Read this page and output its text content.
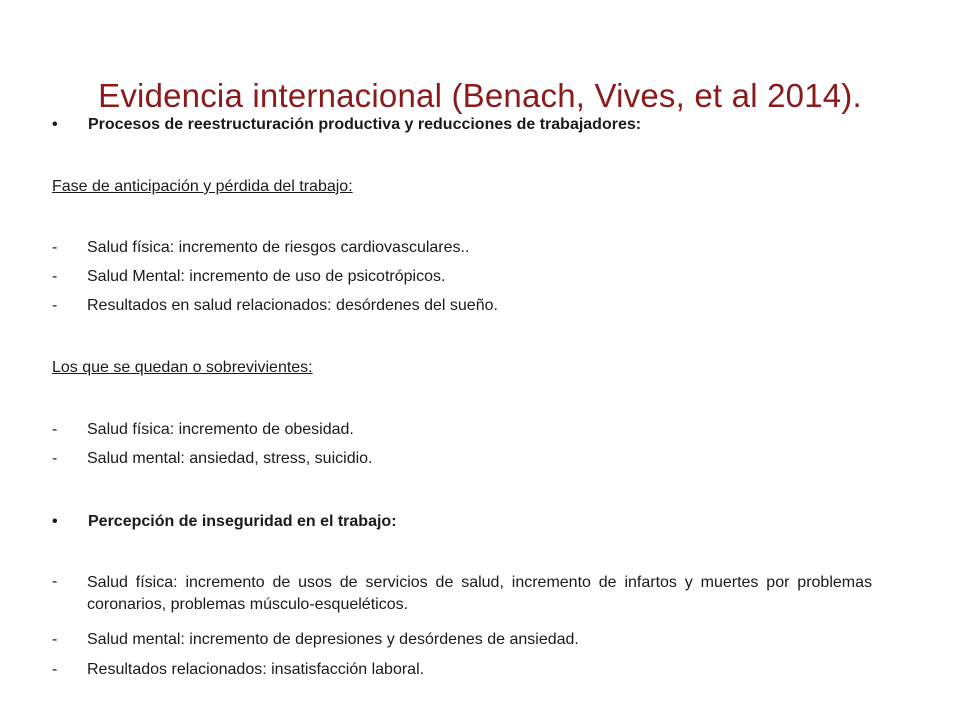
Evidencia internacional (Benach, Vives, et al 2014).
• Procesos de reestructuración productiva y reducciones de trabajadores:
Fase de anticipación y pérdida del trabajo:
- Salud física: incremento de riesgos cardiovasculares..
- Salud Mental: incremento de uso de psicotrópicos.
- Resultados en salud relacionados: desórdenes del sueño.
Los que se quedan o sobrevivientes:
- Salud física: incremento de obesidad.
- Salud mental: ansiedad, stress, suicidio.
• Percepción de inseguridad en el trabajo:
-	Salud física: incremento de usos de servicios de salud, incremento de infartos y muertes por problemas coronarios, problemas músculo-esqueléticos.
- Salud mental: incremento de depresiones y desórdenes de ansiedad.
- Resultados relacionados: insatisfacción laboral.
